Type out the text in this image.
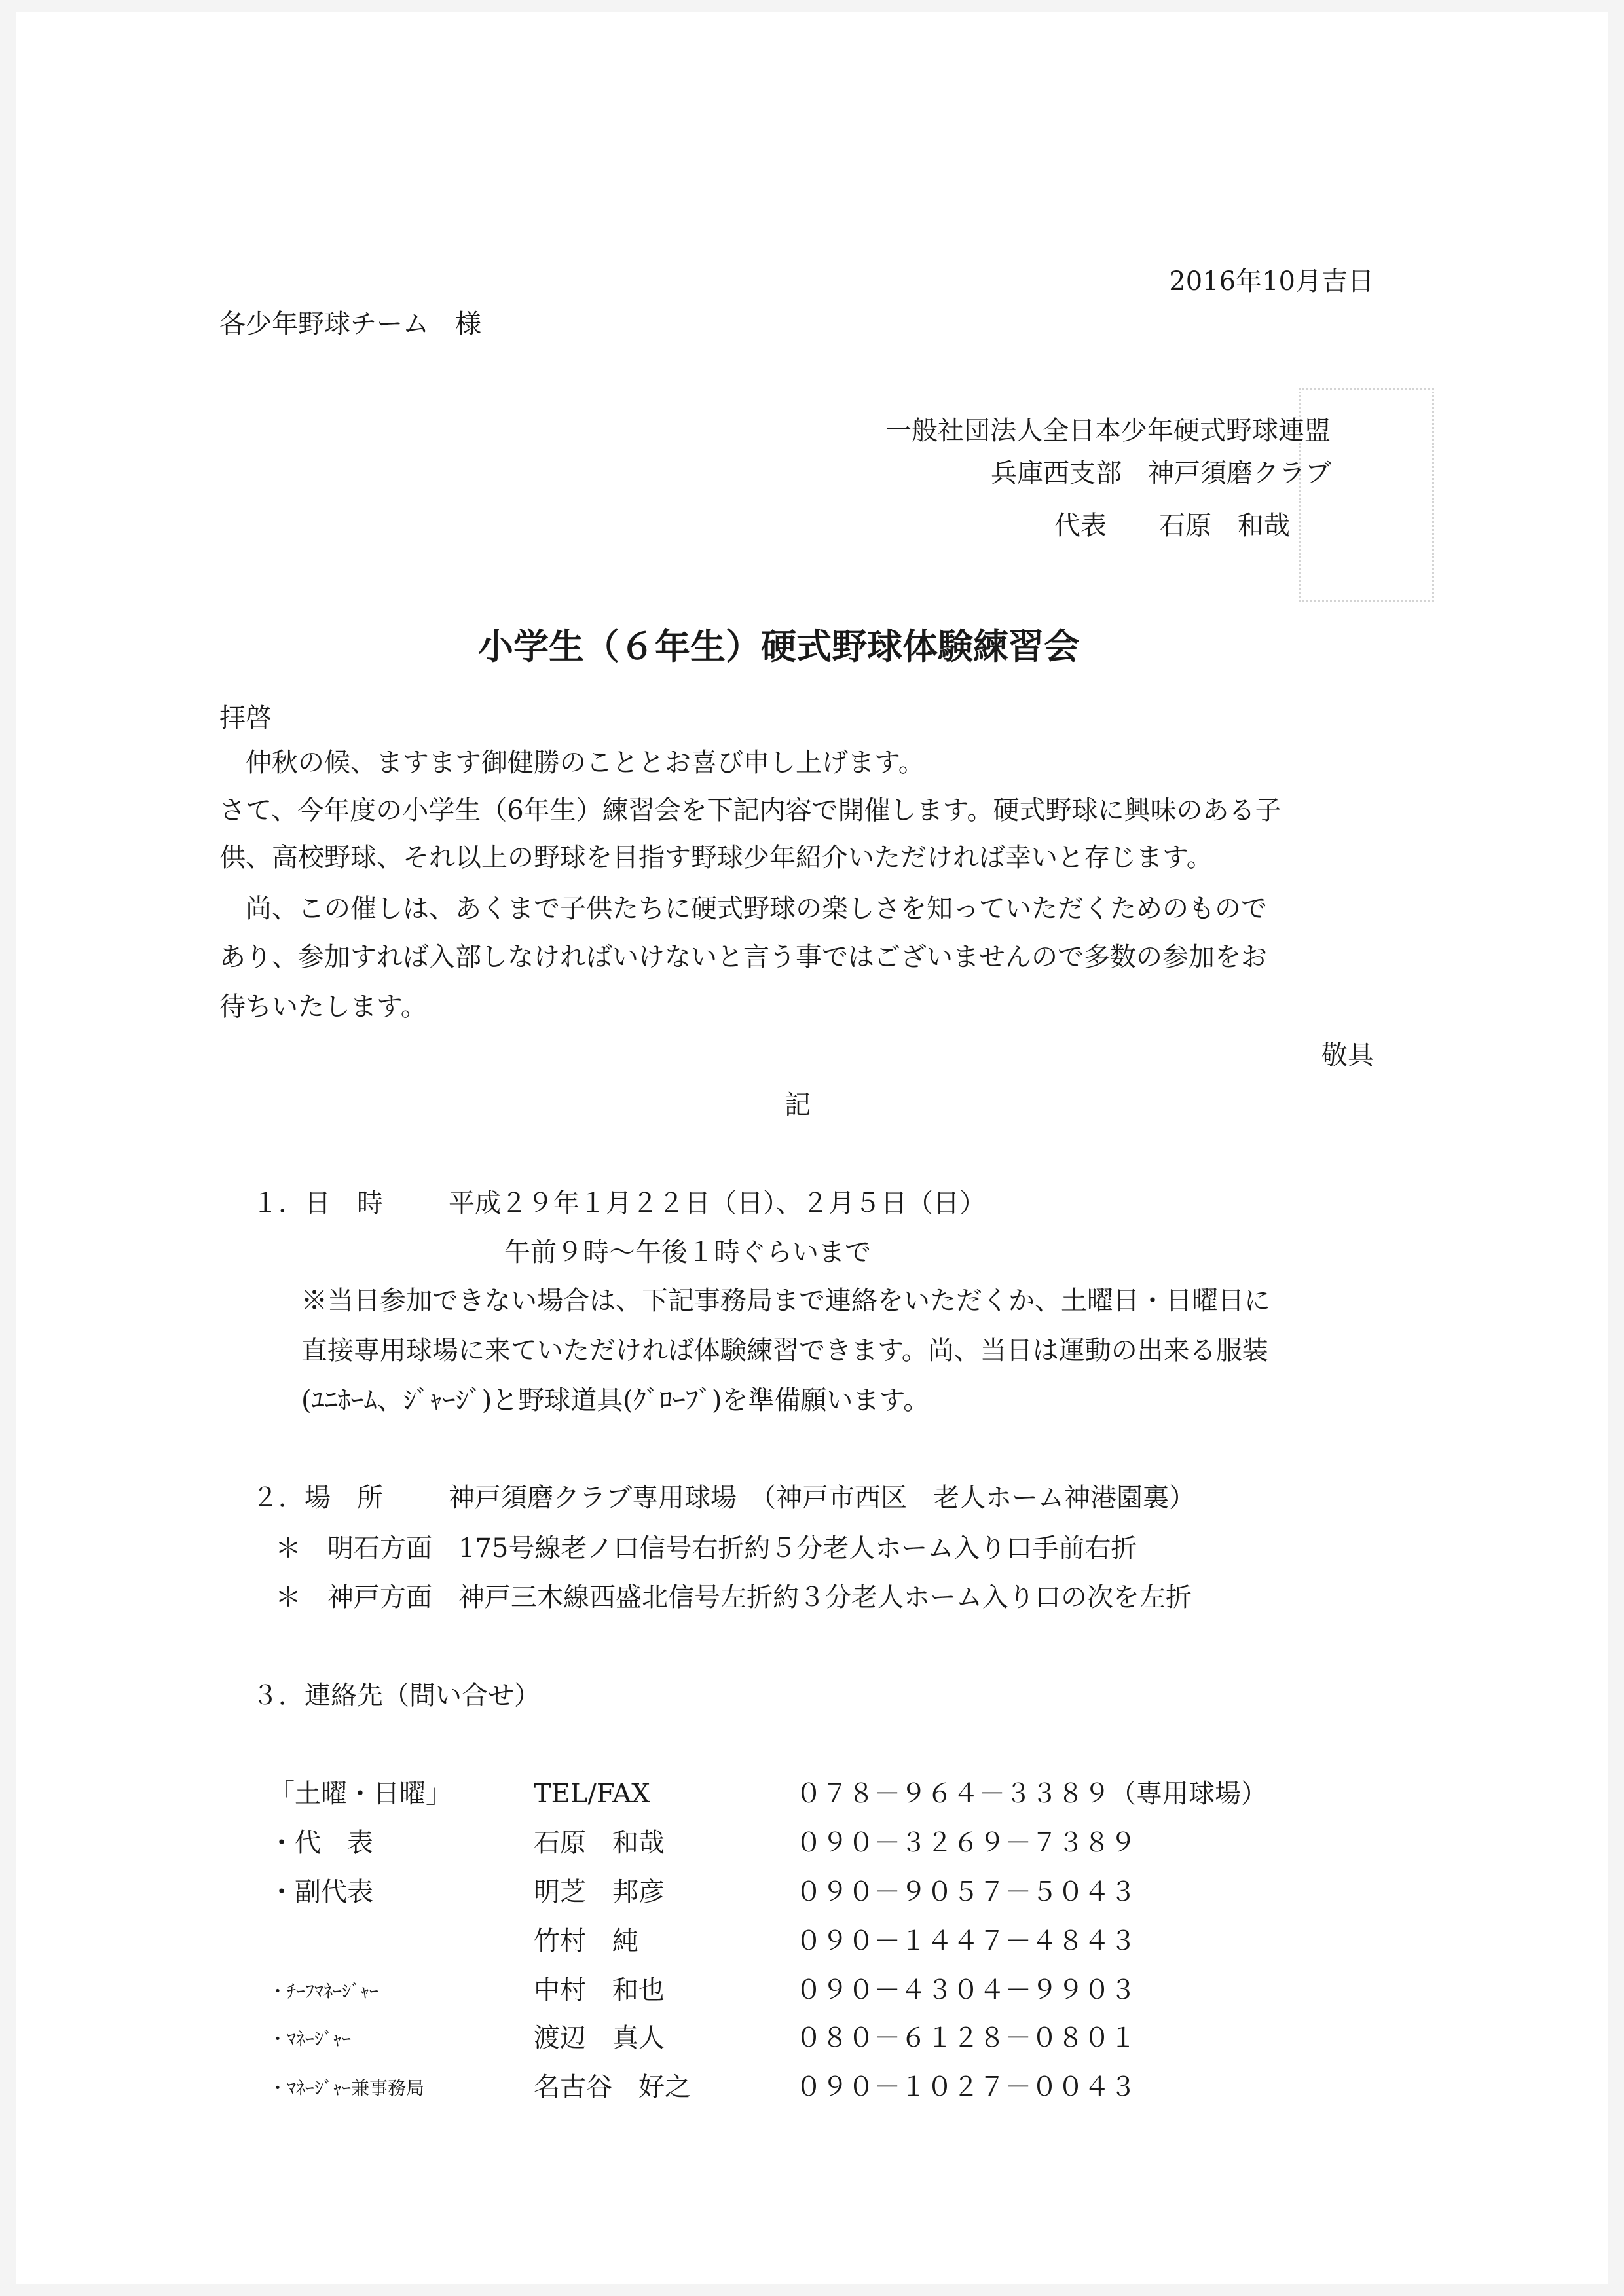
2016年10月吉日
各少年野球チーム　様
一般社団法人全日本少年硬式野球連盟
兵庫西支部　神戸須磨クラブ
代表　　石原　和哉
小学生（６年生）硬式野球体験練習会
拝啓
　仲秋の候、ますます御健勝のこととお喜び申し上げます。
さて、今年度の小学生（6年生）練習会を下記内容で開催します。硬式野球に興味のある子
供、高校野球、それ以上の野球を目指す野球少年紹介いただければ幸いと存じます。
　尚、この催しは、あくまで子供たちに硬式野球の楽しさを知っていただくためのもので
あり、参加すれば入部しなければいけないと言う事ではございませんので多数の参加をお
待ちいたします。
敬具
記
１．日　時	平成２９年１月２２日（日）、２月５日（日）
午前９時～午後１時ぐらいまで
※当日参加できない場合は、下記事務局まで連絡をいただくか、土曜日・日曜日に
直接専用球場に来ていただければ体験練習できます。尚、当日は運動の出来る服装
(ﾕﾆﾎｰﾑ、ｼﾞｬｰｼﾞ)と野球道具(ｸﾞﾛｰﾌﾞ)を準備願います。
２．場　所	神戸須磨クラブ専用球場　（神戸市西区　老人ホーム神港園裏）
＊　明石方面　175号線老ノ口信号右折約５分老人ホーム入り口手前右折
＊　神戸方面　神戸三木線西盛北信号左折約３分老人ホーム入り口の次を左折
３．連絡先（問い合せ）
「土曜・日曜」	TEL/FAX	０７８－９６４－３３８９（専用球場）
・代　表	石原　和哉	０９０－３２６９－７３８９
・副代表	明芝　邦彦	０９０－９０５７－５０４３
竹村　純	０９０－１４４７－４８４３
・ﾁｰﾌﾏﾈｰｼﾞｬｰ	中村　和也	０９０－４３０４－９９０３
・ﾏﾈｰｼﾞｬｰ	渡辺　真人	０８０－６１２８－０８０１
・ﾏﾈｰｼﾞｬｰ兼事務局	名古谷　好之	０９０－１０２７－００４３
